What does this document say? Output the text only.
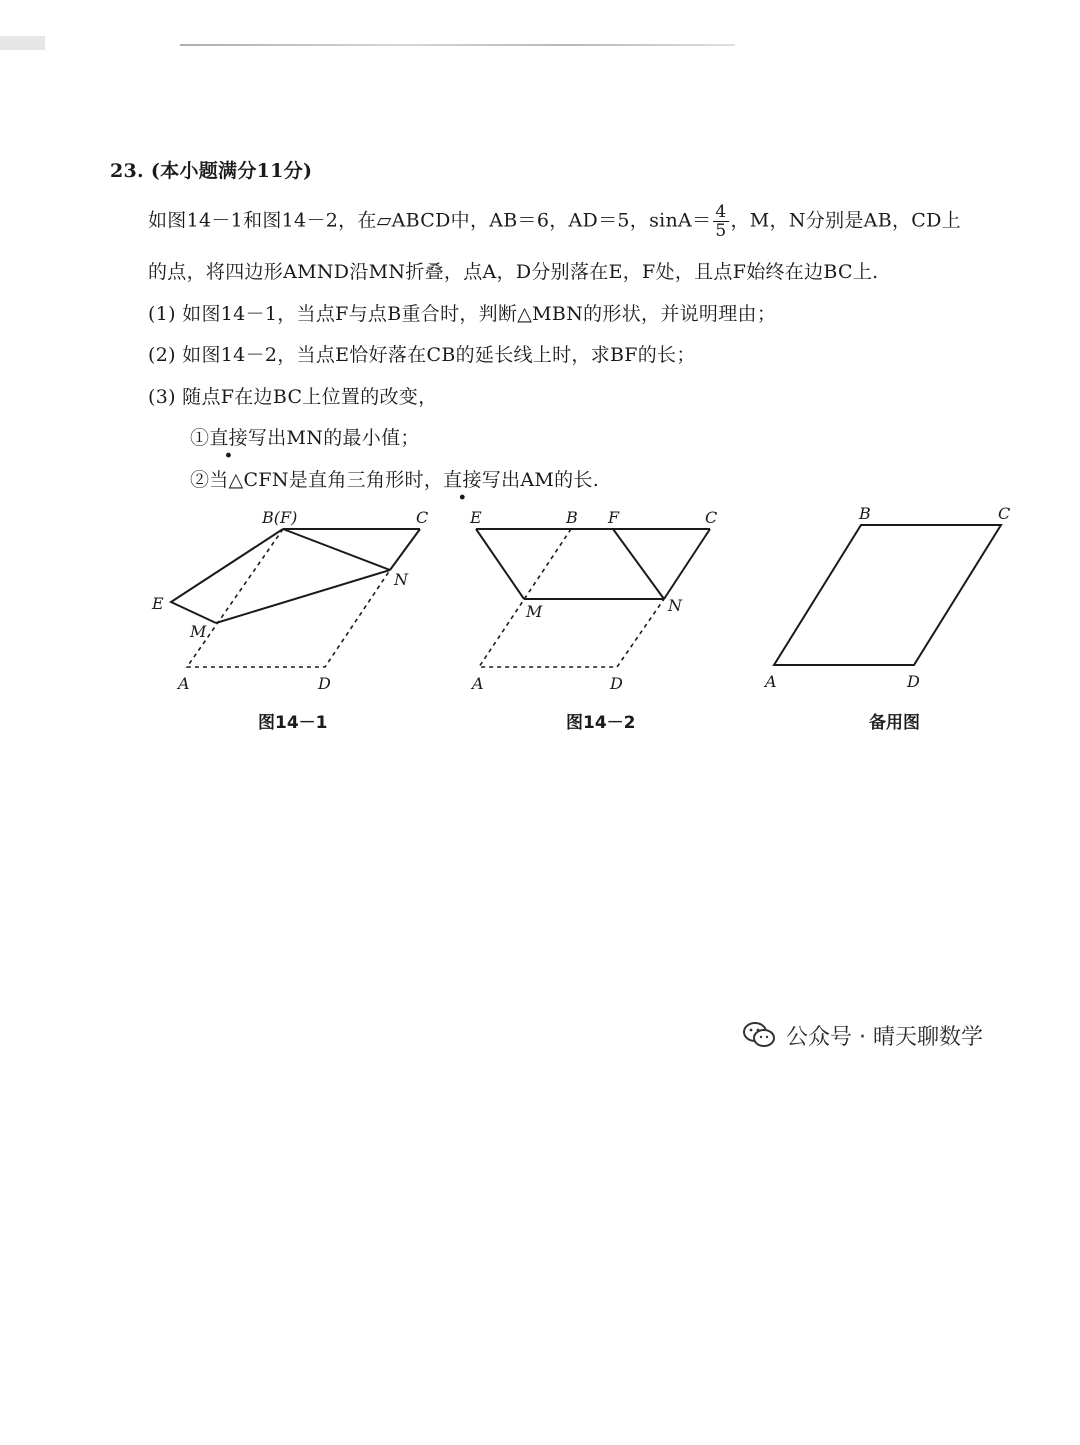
23. (本小题满分11分)
如图14－1和图14－2，在▱ABCD中，AB＝6，AD＝5，$\sin A= \frac{4}{5}$ ，M，N分别是AB，CD上
的点，将四边形AMND沿MN折叠，点A，D分别落在E，F处，且点F始终在边BC上.
(1) 如图14－1，当点F与点B重合时，判断△MBN的形状，并说明理由；
(2) 如图14－2，当点E恰好落在CB的延长线上时，求BF的长；
(3) 随点F在边BC上位置的改变，
①直接写出MN的最小值；
②当△CFN是直角三角形时，直接写出AM的长.
B(F)	C
E
M
N
A	D
E	B F	C
M	N
A	D
B	C
A	D
图14－1	图14－2	备用图
公众号 · 晴天聊数学
